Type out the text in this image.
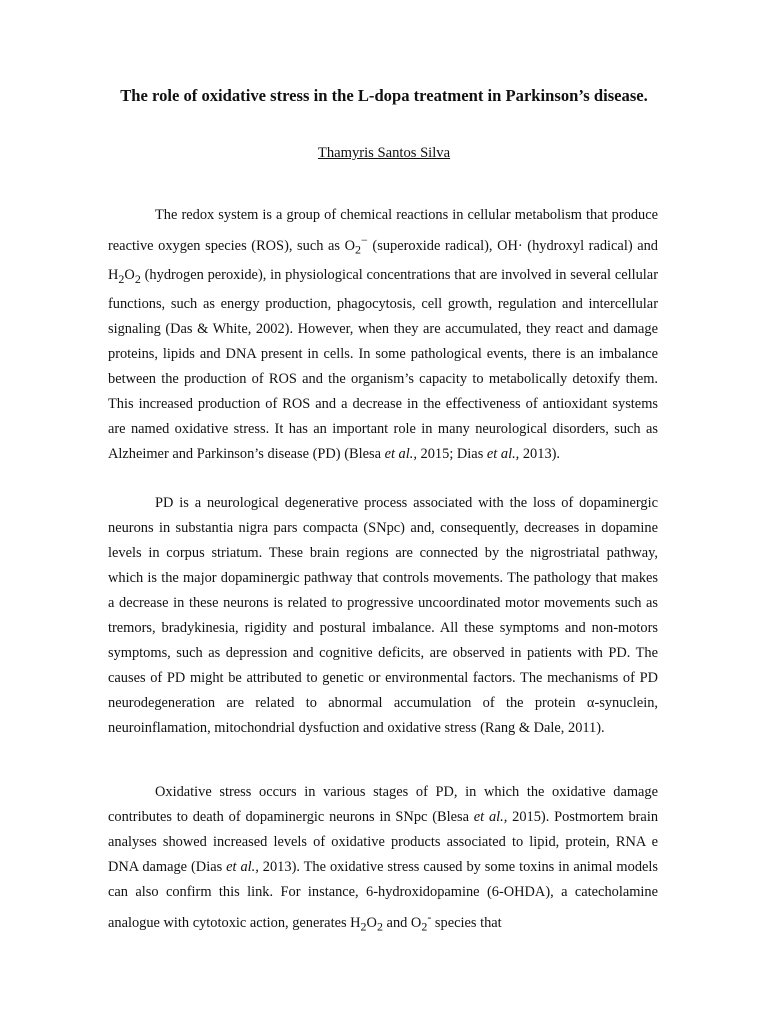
The role of oxidative stress in the L-dopa treatment in Parkinson’s disease.
Thamyris Santos Silva

The redox system is a group of chemical reactions in cellular metabolism that produce reactive oxygen species (ROS), such as $O_2^-$ (superoxide radical), OH· (hydroxyl radical) and $H_2O_2$ (hydrogen peroxide), in physiological concentrations that are involved in several cellular functions, such as energy production, phagocytosis, cell growth, regulation and intercellular signaling (Das & White, 2002). However, when they are accumulated, they react and damage proteins, lipids and DNA present in cells. In some pathological events, there is an imbalance between the production of ROS and the organism’s capacity to metabolically detoxify them. This increased production of ROS and a decrease in the effectiveness of antioxidant systems are named oxidative stress. It has an important role in many neurological disorders, such as Alzheimer and Parkinson’s disease (PD) (Blesa et al., 2015; Dias et al., 2013).

PD is a neurological degenerative process associated with the loss of dopaminergic neurons in substantia nigra pars compacta (SNpc) and, consequently, decreases in dopamine levels in corpus striatum. These brain regions are connected by the nigrostriatal pathway, which is the major dopaminergic pathway that controls movements. The pathology that makes a decrease in these neurons is related to progressive uncoordinated motor movements such as tremors, bradykinesia, rigidity and postural imbalance. All these symptoms and non-motors symptoms, such as depression and cognitive deficits, are observed in patients with PD. The causes of PD might be attributed to genetic or environmental factors. The mechanisms of PD neurodegeneration are related to abnormal accumulation of the protein α-synuclein, neuroinflamation, mitochondrial dysfuction and oxidative stress (Rang & Dale, 2011).

Oxidative stress occurs in various stages of PD, in which the oxidative damage contributes to death of dopaminergic neurons in SNpc (Blesa et al., 2015). Postmortem brain analyses showed increased levels of oxidative products associated to lipid, protein, RNA e DNA damage (Dias et al., 2013). The oxidative stress caused by some toxins in animal models can also confirm this link. For instance, 6-hydroxidopamine (6-OHDA), a catecholamine analogue with cytotoxic action, generates $H_2O_2$ and $O_2^-$ species that
